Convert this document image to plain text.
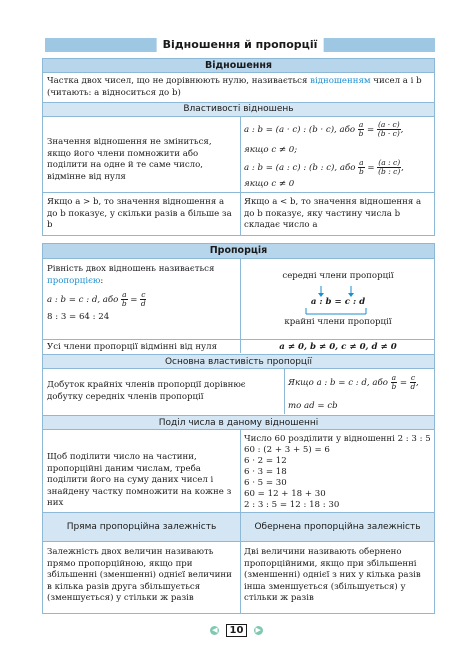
Відношення й пропорції
Відношення
Частка двох чисел, що не дорівнюють нулю, називається відношенням чисел a і b (читають: a відноситься до b)
Властивості відношень
Значення відношення не зміниться, якщо його члени помножити або поділити на одне й те саме число, відмінне від нуля
a : b = (a · c) : (b · c), або $\frac{a}{b} = \frac{(a \cdot c)}{(b \cdot c)}$ ,
якщо c ≠ 0;
a : b = (a : c) : (b : c), або $\frac{a}{b} = \frac{(a : c)}{(b : c)}$ ,
якщо c ≠ 0
Якщо a > b, то значення відношення a до b показує, у скільки разів a більше за b
Якщо a < b, то значення відношення a до b показує, яку частину числа b складає число a
Пропорція
Рівність двох відношень називається пропорцією:
a : b = c : d, або $\frac{a}{b} = \frac{c}{d}$
8 : 3 = 64 : 24
середні члени пропорції
a : b = c : d
крайні члени пропорції
Усі члени пропорції відмінні від нуля	a ≠ 0, b ≠ 0, c ≠ 0, d ≠ 0
Основна властивість пропорції
Добуток крайніх членів пропорції дорівнює добутку середніх членів пропорції
Якщо a : b = c : d, або $\frac{a}{b} = \frac{c}{d}$ ,
то ad = cb
Поділ числа в даному відношенні
Щоб поділити число на частини, пропорційні даним числам, треба поділити його на суму даних чисел і знайдену частку помножити на кожне з них
Число 60 розділити у відношенні 2 : 3 : 5
60 : (2 + 3 + 5) = 6
6 · 2 = 12
6 · 3 = 18
6 · 5 = 30
60 = 12 + 18 + 30
2 : 3 : 5 = 12 : 18 : 30
Пряма пропорційна залежність	Обернена пропорційна залежність
Залежність двох величин називають прямо пропорційною, якщо при збільшенні (зменшенні) однієї величини в кілька разів друга збільшується (зменшується) у стільки ж разів
Дві величини називають обернено пропорційними, якщо при збільшенні (зменшенні) однієї з них у кілька разів інша зменшується (збільшується) у стільки ж разів
◀ 10 ▶
